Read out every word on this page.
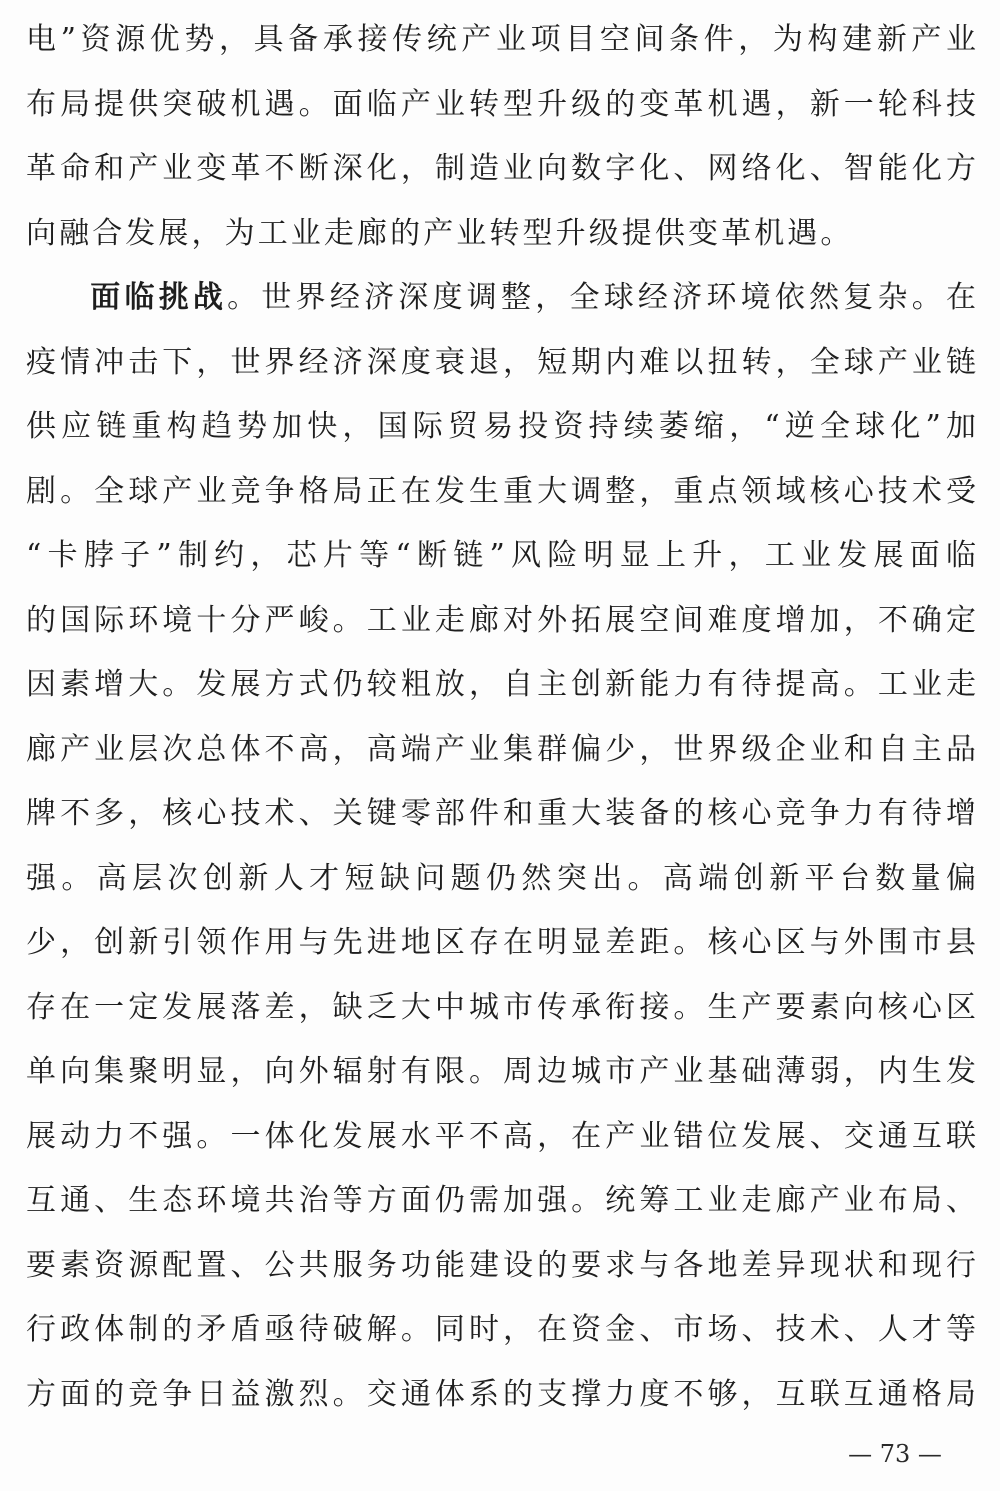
电”资源优势，具备承接传统产业项目空间条件，为构建新产业
布局提供突破机遇。面临产业转型升级的变革机遇，新一轮科技
革命和产业变革不断深化，制造业向数字化、网络化、智能化方
向融合发展，为工业走廊的产业转型升级提供变革机遇。
面临挑战。世界经济深度调整，全球经济环境依然复杂。在
疫情冲击下，世界经济深度衰退，短期内难以扭转，全球产业链
供应链重构趋势加快，国际贸易投资持续萎缩，“逆全球化”加
剧。全球产业竞争格局正在发生重大调整，重点领域核心技术受
“卡脖子”制约，芯片等“断链”风险明显上升，工业发展面临
的国际环境十分严峻。工业走廊对外拓展空间难度增加，不确定
因素增大。发展方式仍较粗放，自主创新能力有待提高。工业走
廊产业层次总体不高，高端产业集群偏少，世界级企业和自主品
牌不多，核心技术、关键零部件和重大装备的核心竞争力有待增
强。高层次创新人才短缺问题仍然突出。高端创新平台数量偏
少，创新引领作用与先进地区存在明显差距。核心区与外围市县
存在一定发展落差，缺乏大中城市传承衔接。生产要素向核心区
单向集聚明显，向外辐射有限。周边城市产业基础薄弱，内生发
展动力不强。一体化发展水平不高，在产业错位发展、交通互联
互通、生态环境共治等方面仍需加强。统筹工业走廊产业布局、
要素资源配置、公共服务功能建设的要求与各地差异现状和现行
行政体制的矛盾亟待破解。同时，在资金、市场、技术、人才等
方面的竞争日益激烈。交通体系的支撑力度不够，互联互通格局
— 73 —
